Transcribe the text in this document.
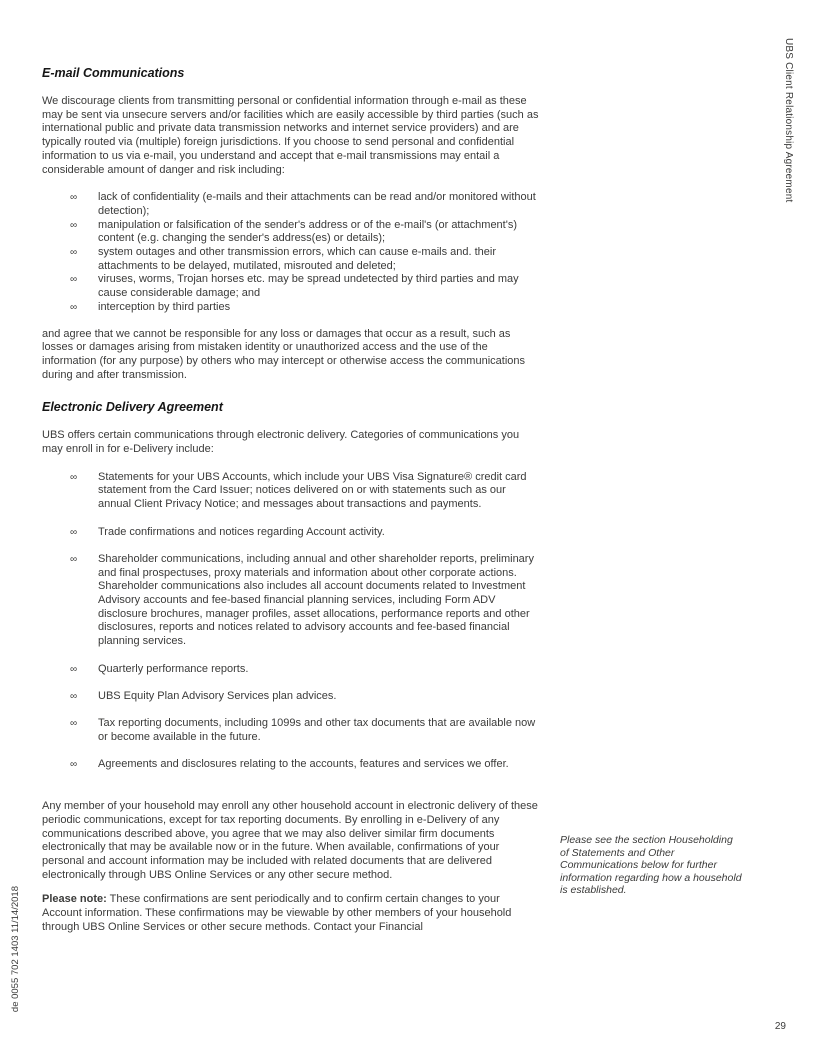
UBS Client Relationship Agreement
de 0055 702 1403 11/14/2018
E-mail Communications

We discourage clients from transmitting personal or confidential information through e-mail as these may be sent via unsecure servers and/or facilities which are easily accessible by third parties (such as international public and private data transmission networks and internet service providers) and are typically routed via (multiple) foreign jurisdictions. If you choose to send personal and confidential information to us via e-mail, you understand and accept that e-mail transmissions may entail a considerable amount of danger and risk including:

∞ lack of confidentiality (e-mails and their attachments can be read and/or monitored without detection);
∞ manipulation or falsification of the sender's address or of the e-mail's (or attachment's) content (e.g. changing the sender's address(es) or details);
∞ system outages and other transmission errors, which can cause e-mails and. their attachments to be delayed, mutilated, misrouted and deleted;
∞ viruses, worms, Trojan horses etc. may be spread undetected by third parties and may cause considerable damage; and
∞ interception by third parties

and agree that we cannot be responsible for any loss or damages that occur as a result, such as losses or damages arising from mistaken identity or unauthorized access and the use of the information (for any purpose) by others who may intercept or otherwise access the communications during and after transmission.

Electronic Delivery Agreement

UBS offers certain communications through electronic delivery. Categories of communications you may enroll in for e-Delivery include:

∞ Statements for your UBS Accounts, which include your UBS Visa Signature® credit card statement from the Card Issuer; notices delivered on or with statements such as our annual Client Privacy Notice; and messages about transactions and payments.
∞ Trade confirmations and notices regarding Account activity.
∞ Shareholder communications, including annual and other shareholder reports, preliminary and final prospectuses, proxy materials and information about other corporate actions. Shareholder communications also includes all account documents related to Investment Advisory accounts and fee-based financial planning services, including Form ADV disclosure brochures, manager profiles, asset allocations, performance reports and other disclosures, reports and notices related to advisory accounts and fee-based financial planning services.
∞ Quarterly performance reports.
∞ UBS Equity Plan Advisory Services plan advices.
∞ Tax reporting documents, including 1099s and other tax documents that are available now or become available in the future.
∞ Agreements and disclosures relating to the accounts, features and services we offer.

Any member of your household may enroll any other household account in electronic delivery of these periodic communications, except for tax reporting documents. By enrolling in e-Delivery of any communications described above, you agree that we may also deliver similar firm documents electronically that may be available now or in the future. When available, confirmations of your personal and account information may be included with related documents that are delivered electronically through UBS Online Services or any other secure method.

Please note: These confirmations are sent periodically and to confirm certain changes to your Account information. These confirmations may be viewable by other members of your household through UBS Online Services or other secure methods. Contact your Financial

Please see the section Householding of Statements and Other Communications below for further information regarding how a household is established.
29
